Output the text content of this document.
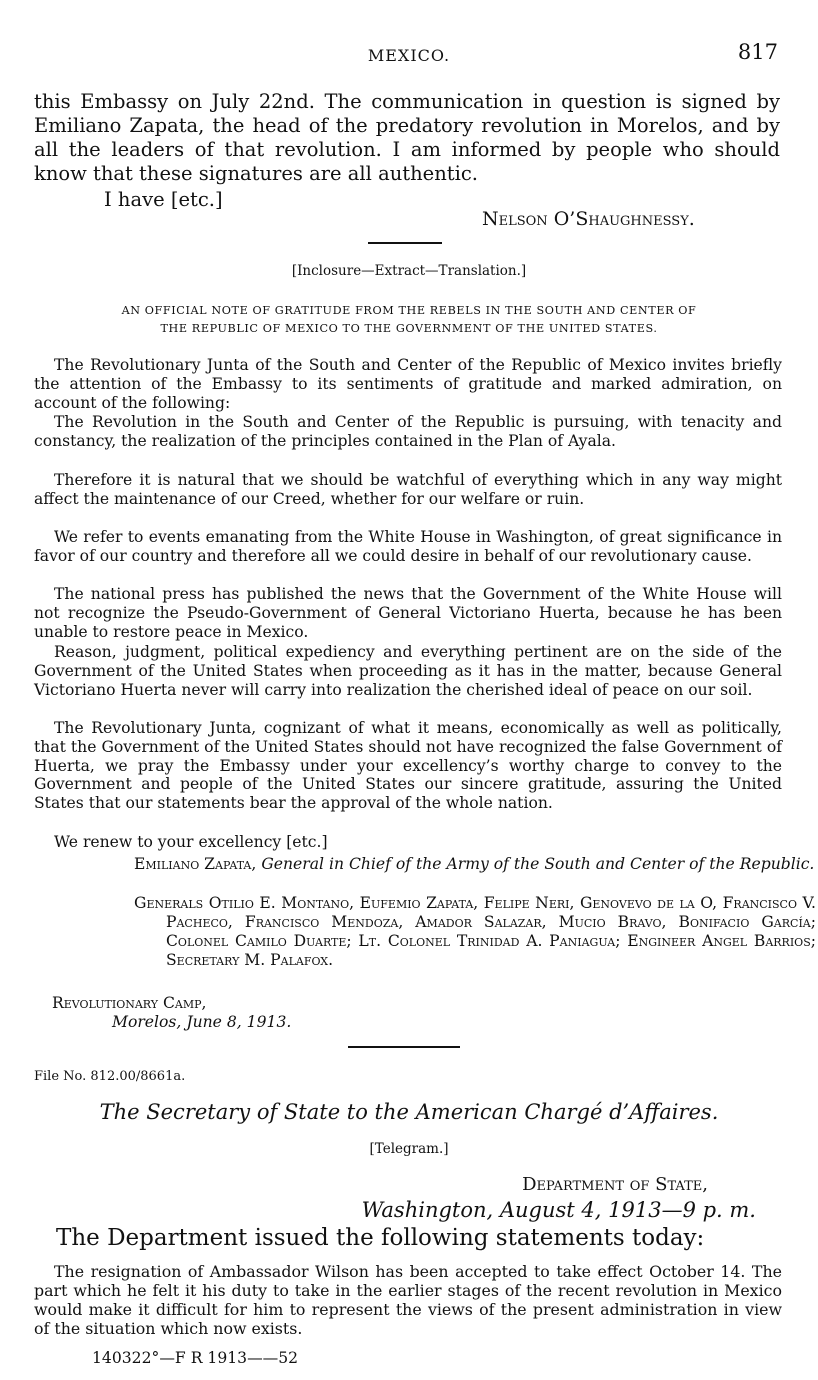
MEXICO.	817
this Embassy on July 22nd. The communication in question is signed by Emiliano Zapata, the head of the predatory revolution in Morelos, and by all the leaders of that revolution. I am informed by people who should know that these signatures are all authentic.
I have [etc.]
Nelson O’Shaughnessy.
[Inclosure—Extract—Translation.]
AN OFFICIAL NOTE OF GRATITUDE FROM THE REBELS IN THE SOUTH AND CENTER OF
THE REPUBLIC OF MEXICO TO THE GOVERNMENT OF THE UNITED STATES.
The Revolutionary Junta of the South and Center of the Republic of Mexico invites briefly the attention of the Embassy to its sentiments of gratitude and marked admiration, on account of the following:
The Revolution in the South and Center of the Republic is pursuing, with tenacity and constancy, the realization of the principles contained in the Plan of Ayala.
Therefore it is natural that we should be watchful of everything which in any way might affect the maintenance of our Creed, whether for our welfare or ruin.
We refer to events emanating from the White House in Washington, of great significance in favor of our country and therefore all we could desire in behalf of our revolutionary cause.
The national press has published the news that the Government of the White House will not recognize the Pseudo-Government of General Victoriano Huerta, because he has been unable to restore peace in Mexico.
Reason, judgment, political expediency and everything pertinent are on the side of the Government of the United States when proceeding as it has in the matter, because General Victoriano Huerta never will carry into realization the cherished ideal of peace on our soil.
The Revolutionary Junta, cognizant of what it means, economically as well as politically, that the Government of the United States should not have recognized the false Government of Huerta, we pray the Embassy under your excellency’s worthy charge to convey to the Government and people of the United States our sincere gratitude, assuring the United States that our statements bear the approval of the whole nation.
We renew to your excellency [etc.]
Emiliano Zapata, General in Chief of the Army of the South and Center of the Republic.
Generals Otilio E. Montano, Eufemio Zapata, Felipe Neri, Genovevo de la O, Francisco V. Pacheco, Francisco Mendoza, Amador Salazar, Mucio Bravo, Bonifacio García; Colonel Camilo Duarte; Lt. Colonel Trinidad A. Paniagua; Engineer Angel Barrios; Secretary M. Palafox.
Revolutionary Camp,
Morelos, June 8, 1913.
File No. 812.00/8661a.
The Secretary of State to the American Chargé d’Affaires.
[Telegram.]
Department of State,
Washington, August 4, 1913—9 p. m.
The Department issued the following statements today:
The resignation of Ambassador Wilson has been accepted to take effect October 14. The part which he felt it his duty to take in the earlier stages of the recent revolution in Mexico would make it difficult for him to represent the views of the present administration in view of the situation which now exists.
140322°—F R 1913——52
